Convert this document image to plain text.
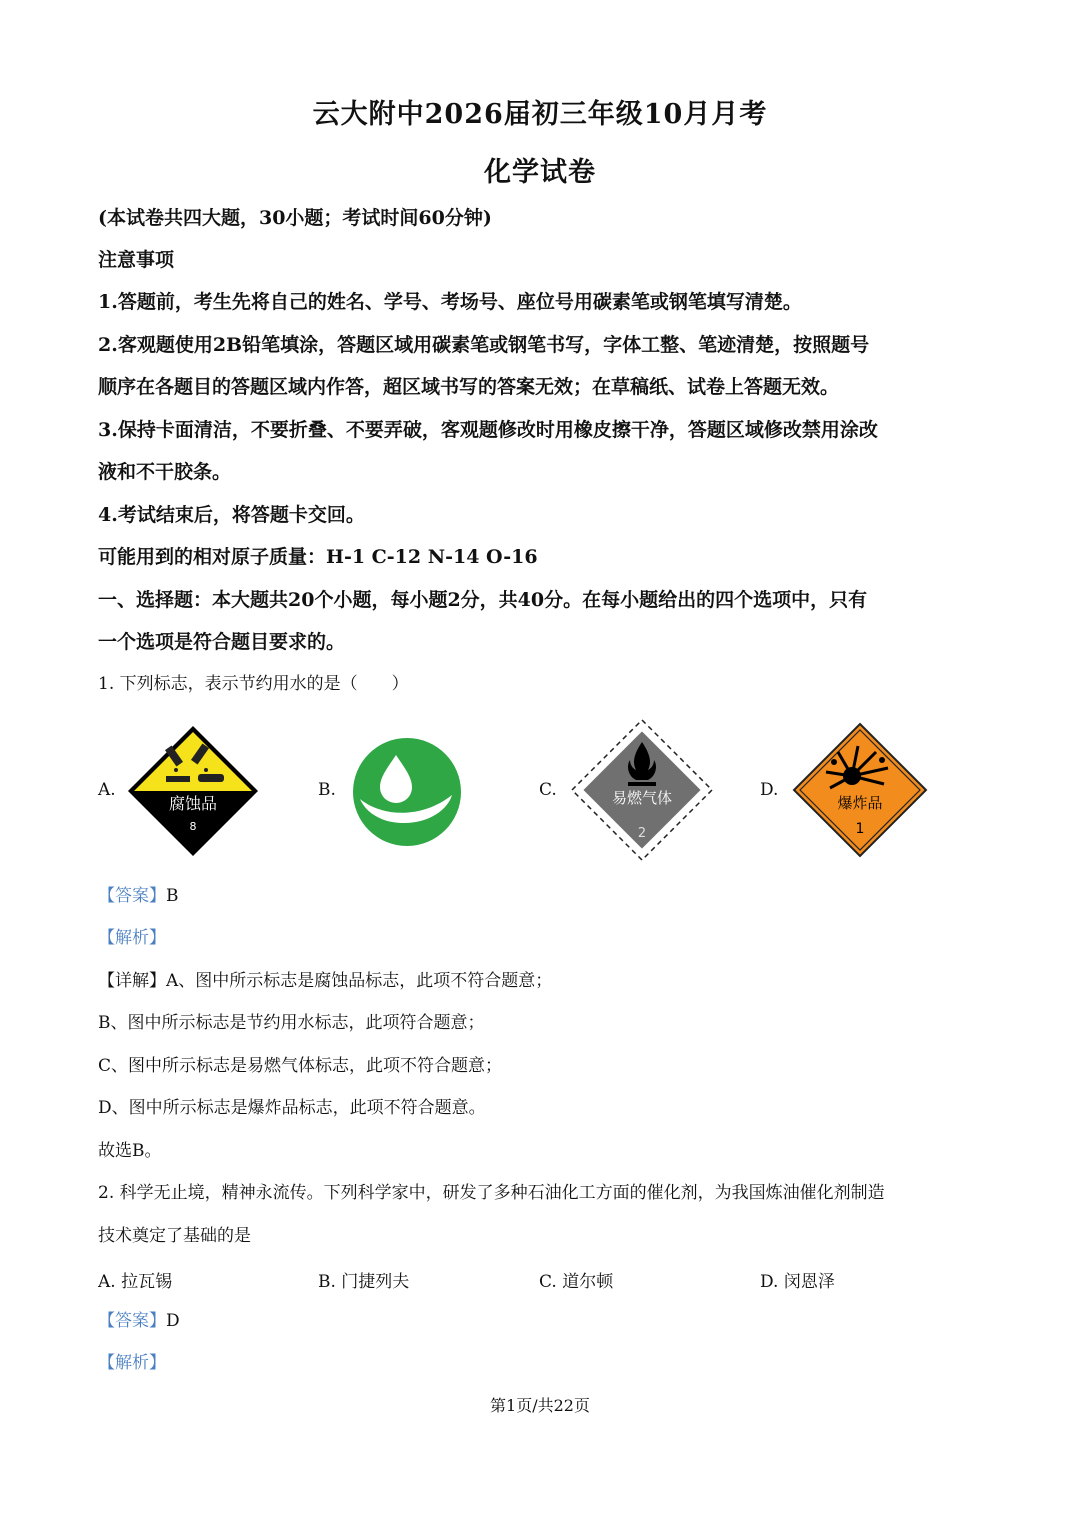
云大附中2026届初三年级10月月考
化学试卷
(本试卷共四大题，30小题；考试时间60分钟)
注意事项
1.答题前，考生先将自己的姓名、学号、考场号、座位号用碳素笔或钢笔填写清楚。
2.客观题使用2B铅笔填涂，答题区域用碳素笔或钢笔书写，字体工整、笔迹清楚，按照题号
顺序在各题目的答题区域内作答，超区域书写的答案无效；在草稿纸、试卷上答题无效。
3.保持卡面清洁，不要折叠、不要弄破，客观题修改时用橡皮擦干净，答题区域修改禁用涂改
液和不干胶条。
4.考试结束后，将答题卡交回。
可能用到的相对原子质量：H-1 C-12 N-14 O-16
一、选择题：本大题共20个小题，每小题2分，共40分。在每小题给出的四个选项中，只有
一个选项是符合题目要求的。
1. 下列标志，表示节约用水的是（　　）
A.	B.	C.	D.
腐蚀品
8
易燃气体
2
爆炸品
1
【答案】B
【解析】
【详解】A、图中所示标志是腐蚀品标志，此项不符合题意；
B、图中所示标志是节约用水标志，此项符合题意；
C、图中所示标志是易燃气体标志，此项不符合题意；
D、图中所示标志是爆炸品标志，此项不符合题意。
故选B。
2. 科学无止境，精神永流传。下列科学家中，研发了多种石油化工方面的催化剂，为我国炼油催化剂制造
技术奠定了基础的是
A. 拉瓦锡	B. 门捷列夫	C. 道尔顿	D. 闵恩泽
【答案】D
【解析】
第1页/共22页
